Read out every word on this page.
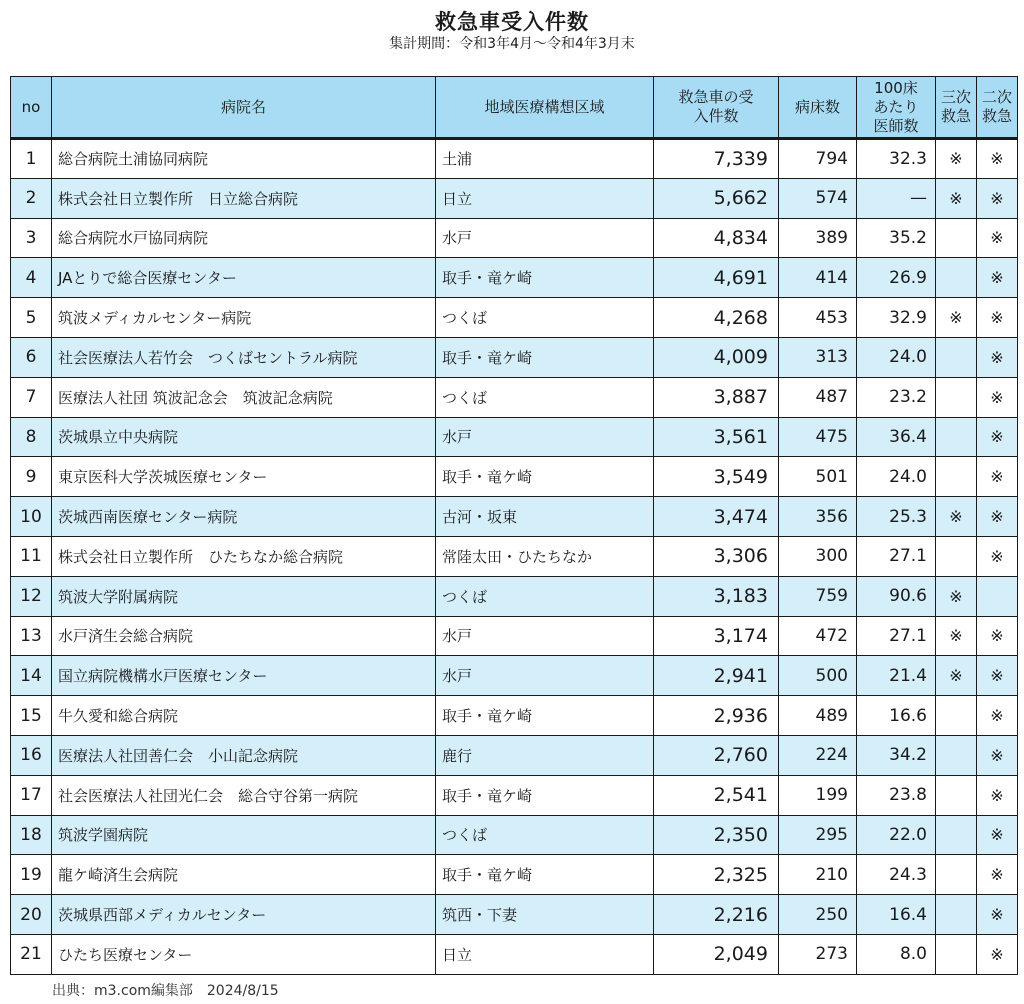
救急車受入件数
集計期間：令和3年4月～令和4年3月末
no	病院名	地域医療構想区域	救急車の受入件数	病床数	100床あたり医師数	三次救急	二次救急
1	総合病院土浦協同病院	土浦	7,339	794	32.3	※	※
2	株式会社日立製作所　日立総合病院	日立	5,662	574	—	※	※
3	総合病院水戸協同病院	水戸	4,834	389	35.2		※
4	JAとりで総合医療センター	取手・竜ケ崎	4,691	414	26.9		※
5	筑波メディカルセンター病院	つくば	4,268	453	32.9	※	※
6	社会医療法人若竹会　つくばセントラル病院	取手・竜ケ崎	4,009	313	24.0		※
7	医療法人社団 筑波記念会　筑波記念病院	つくば	3,887	487	23.2		※
8	茨城県立中央病院	水戸	3,561	475	36.4		※
9	東京医科大学茨城医療センター	取手・竜ケ崎	3,549	501	24.0		※
10	茨城西南医療センター病院	古河・坂東	3,474	356	25.3	※	※
11	株式会社日立製作所　ひたちなか総合病院	常陸太田・ひたちなか	3,306	300	27.1		※
12	筑波大学附属病院	つくば	3,183	759	90.6	※	
13	水戸済生会総合病院	水戸	3,174	472	27.1	※	※
14	国立病院機構水戸医療センター	水戸	2,941	500	21.4	※	※
15	牛久愛和総合病院	取手・竜ケ崎	2,936	489	16.6		※
16	医療法人社団善仁会　小山記念病院	鹿行	2,760	224	34.2		※
17	社会医療法人社団光仁会　総合守谷第一病院	取手・竜ケ崎	2,541	199	23.8		※
18	筑波学園病院	つくば	2,350	295	22.0		※
19	龍ケ崎済生会病院	取手・竜ケ崎	2,325	210	24.3		※
20	茨城県西部メディカルセンター	筑西・下妻	2,216	250	16.4		※
21	ひたち医療センター	日立	2,049	273	8.0		※
出典：m3.com編集部　2024/8/15
